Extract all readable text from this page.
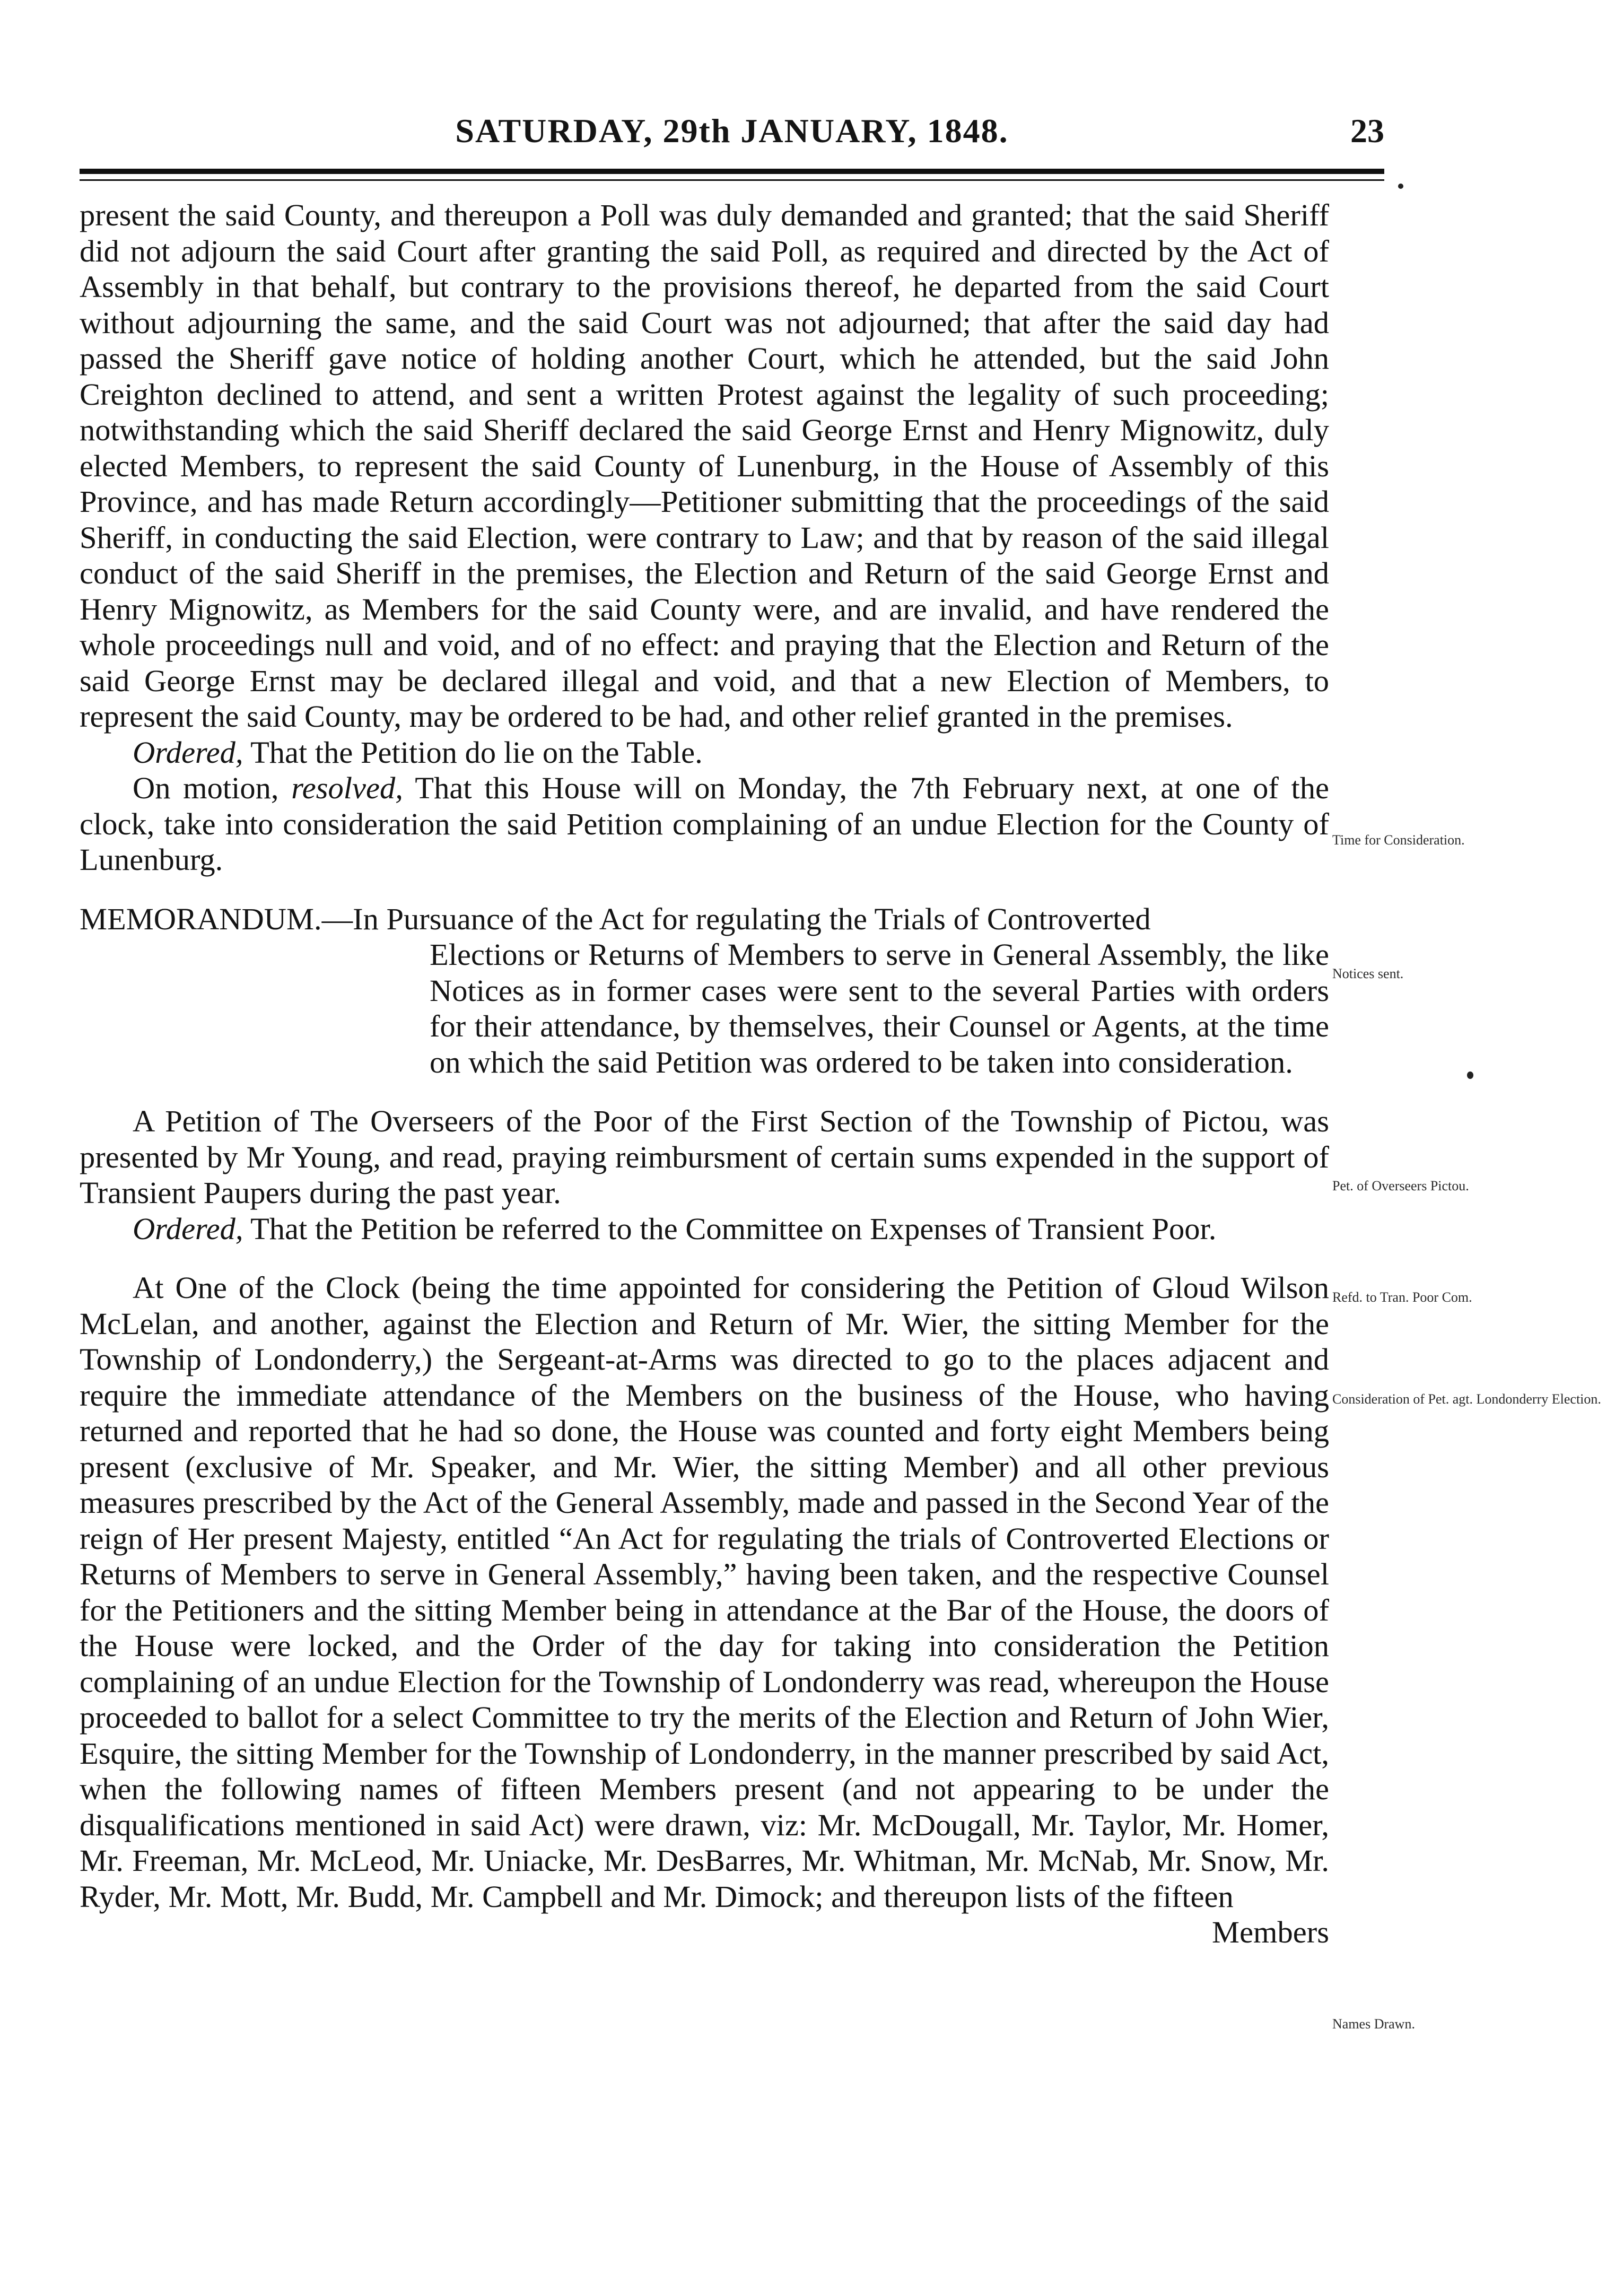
SATURDAY, 29th JANUARY, 1848.	23

present the said County, and thereupon a Poll was duly demanded and granted; that the said Sheriff did not adjourn the said Court after granting the said Poll, as required and directed by the Act of Assembly in that behalf, but contrary to the provisions thereof, he departed from the said Court without adjourning the same, and the said Court was not adjourned; that after the said day had passed the Sheriff gave notice of holding another Court, which he attended, but the said John Creighton declined to attend, and sent a written Protest against the legality of such proceeding; notwithstanding which the said Sheriff declared the said George Ernst and Henry Mignowitz, duly elected Members, to represent the said County of Lunenburg, in the House of Assembly of this Province, and has made Return accordingly—Petitioner submitting that the proceedings of the said Sheriff, in conducting the said Election, were contrary to Law; and that by reason of the said illegal conduct of the said Sheriff in the premises, the Election and Return of the said George Ernst and Henry Mignowitz, as Members for the said County were, and are invalid, and have rendered the whole proceedings null and void, and of no effect: and praying that the Election and Return of the said George Ernst may be declared illegal and void, and that a new Election of Members, to represent the said County, may be ordered to be had, and other relief granted in the premises.

Ordered, That the Petition do lie on the Table.

On motion, resolved, That this House will on Monday, the 7th February next, at one of the clock, take into consideration the said Petition complaining of an undue Election for the County of Lunenburg.

MEMORANDUM.—In Pursuance of the Act for regulating the Trials of Controverted

Elections or Returns of Members to serve in General Assembly, the like Notices as in former cases were sent to the several Parties with orders for their attendance, by themselves, their Counsel or Agents, at the time on which the said Petition was ordered to be taken into consideration.

A Petition of The Overseers of the Poor of the First Section of the Township of Pictou, was presented by Mr Young, and read, praying reimbursment of certain sums expended in the support of Transient Paupers during the past year.

Ordered, That the Petition be referred to the Committee on Expenses of Transient Poor.

At One of the Clock (being the time appointed for considering the Petition of Gloud Wilson McLelan, and another, against the Election and Return of Mr. Wier, the sitting Member for the Township of Londonderry,) the Sergeant-at-Arms was directed to go to the places adjacent and require the immediate attendance of the Members on the business of the House, who having returned and reported that he had so done, the House was counted and forty eight Members being present (exclusive of Mr. Speaker, and Mr. Wier, the sitting Member) and all other previous measures prescribed by the Act of the General Assembly, made and passed in the Second Year of the reign of Her present Majesty, entitled “An Act for regulating the trials of Controverted Elections or Returns of Members to serve in General Assembly,” having been taken, and the respective Counsel for the Petitioners and the sitting Member being in attendance at the Bar of the House, the doors of the House were locked, and the Order of the day for taking into consideration the Petition complaining of an undue Election for the Township of Londonderry was read, whereupon the House proceeded to ballot for a select Committee to try the merits of the Election and Return of John Wier, Esquire, the sitting Member for the Township of Londonderry, in the manner prescribed by said Act, when the following names of fifteen Members present (and not appearing to be under the disqualifications mentioned in said Act) were drawn, viz: Mr. McDougall, Mr. Taylor, Mr. Homer, Mr. Freeman, Mr. McLeod, Mr. Uniacke, Mr. DesBarres, Mr. Whitman, Mr. McNab, Mr. Snow, Mr. Ryder, Mr. Mott, Mr. Budd, Mr. Campbell and Mr. Dimock; and thereupon lists of the fifteen

Members

Time for Consideration.
Notices sent.
Pet. of Overseers Pictou.
Refd. to Tran. Poor Com.
Consideration of Pet. agt. Londonderry Election.
Names Drawn.
